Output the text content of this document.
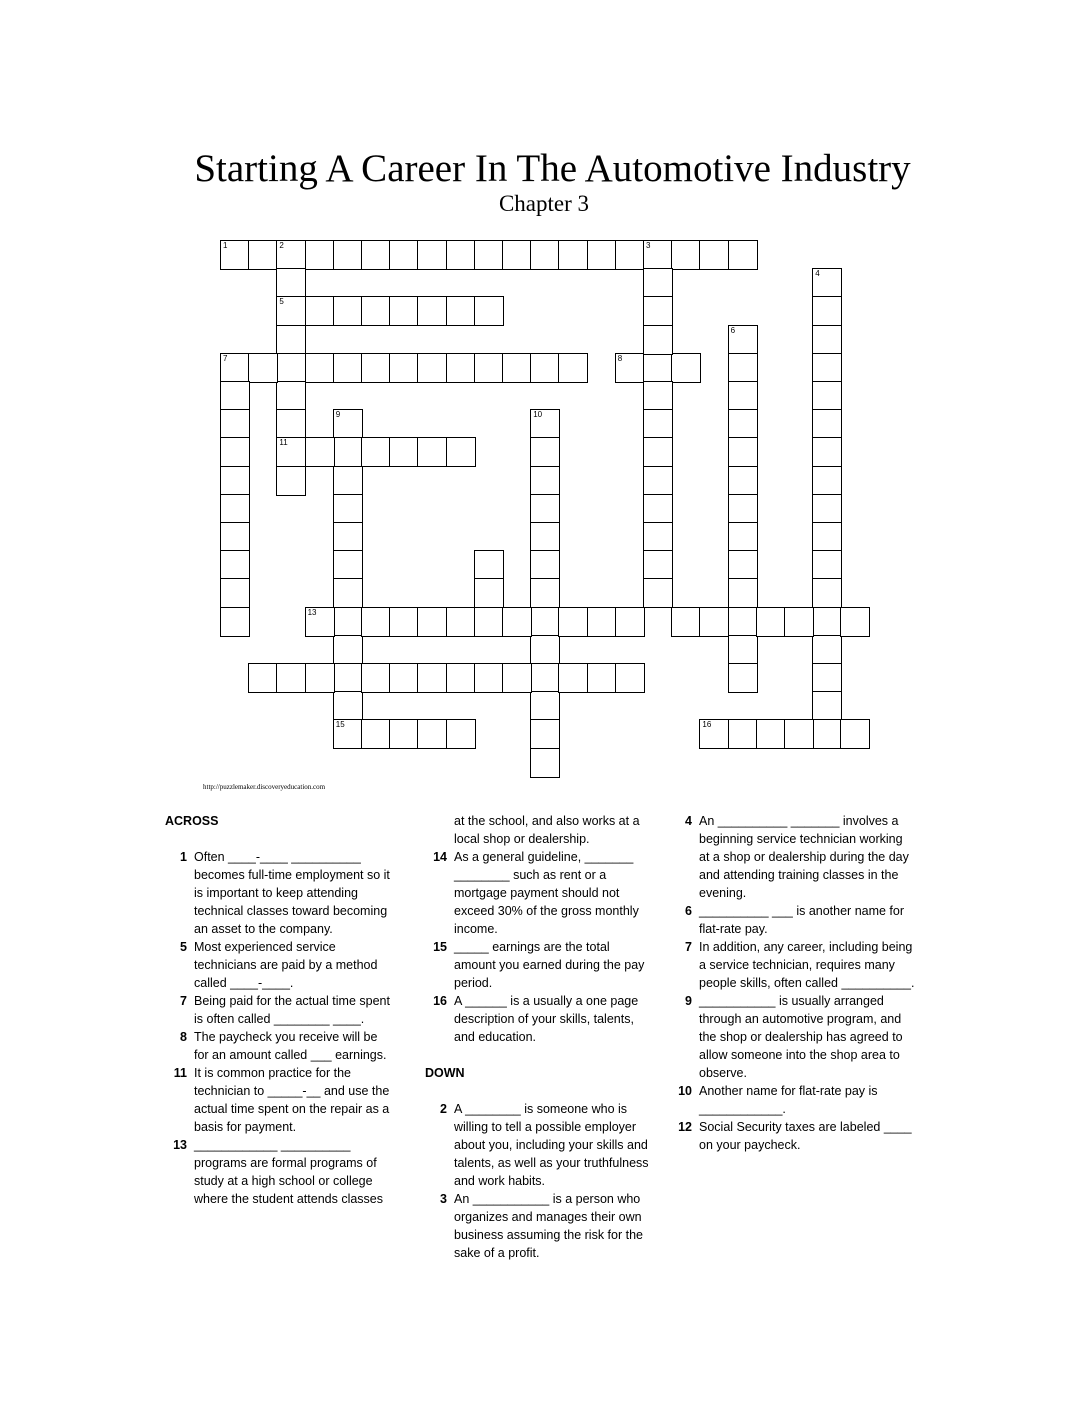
Starting A Career In The Automotive Industry
Chapter 3
1	2	3
5
11
7	8
4
6
9
15
10
13
16
http://puzzlemaker.discoveryeducation.com
ACROSS
1 Often ____-____ __________ becomes full-time employment so it is important to keep attending technical classes toward becoming an asset to the company.
5 Most experienced service technicians are paid by a method called ____-____.
7 Being paid for the actual time spent is often called ________ ____.
8 The paycheck you receive will be for an amount called ___ earnings.
11 It is common practice for the technician to _____-__ and use the actual time spent on the repair as a basis for payment.
13 ____________ __________ programs are formal programs of study at a high school or college where the student attends classes
at the school, and also works at a local shop or dealership.
14 As a general guideline, _______ ________ such as rent or a mortgage payment should not exceed 30% of the gross monthly income.
15 _____ earnings are the total amount you earned during the pay period.
16 A ______ is a usually a one page description of your skills, talents, and education.
DOWN
2 A ________ is someone who is willing to tell a possible employer about you, including your skills and talents, as well as your truthfulness and work habits.
3 An ___________ is a person who organizes and manages their own business assuming the risk for the sake of a profit.
4 An __________ _______ involves a beginning service technician working at a shop or dealership during the day and attending training classes in the evening.
6 __________ ___ is another name for flat-rate pay.
7 In addition, any career, including being a service technician, requires many people skills, often called __________.
9 ___________ is usually arranged through an automotive program, and the shop or dealership has agreed to allow someone into the shop area to observe.
10 Another name for flat-rate pay is ____________.
12 Social Security taxes are labeled ____ on your paycheck.
